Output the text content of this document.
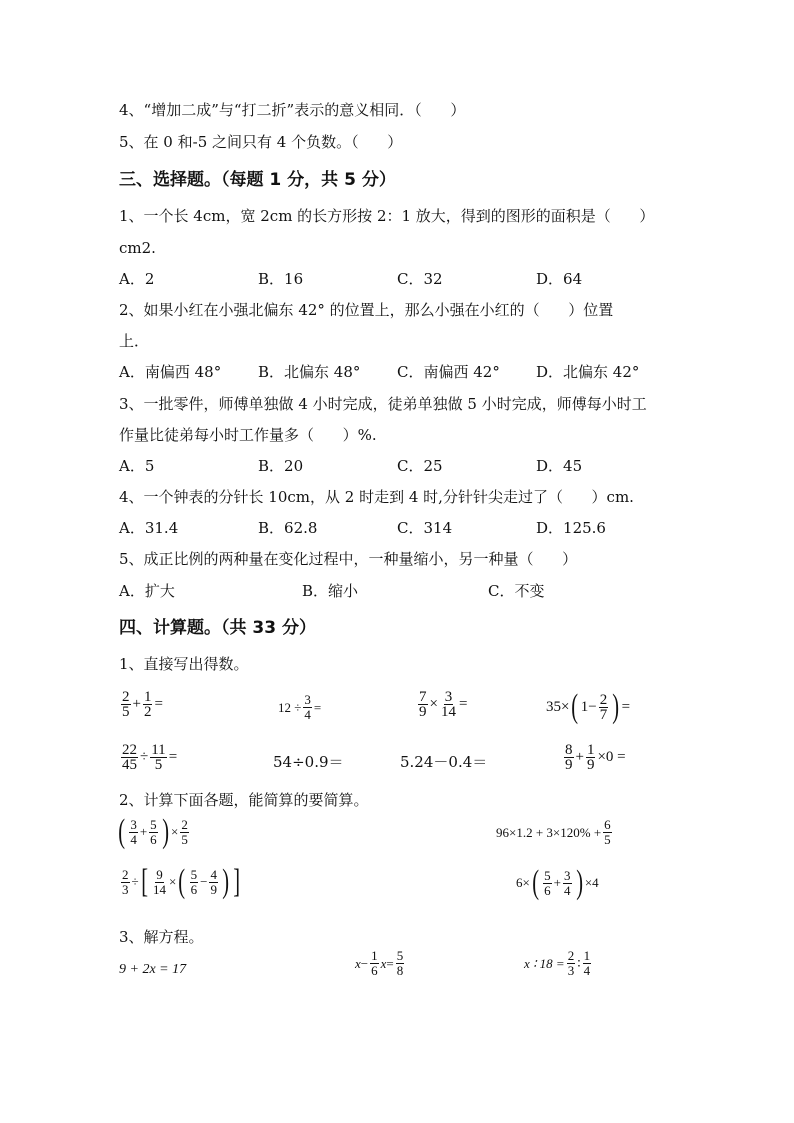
4、“增加二成”与“打二折”表示的意义相同．（      ）
5、在 0 和-5 之间只有 4 个负数。（      ）
三、选择题。（每题 1 分，共 5 分）
1、一个长 4cm，宽 2cm 的长方形按 2：1 放大，得到的图形的面积是（      ）
cm2.
A．2	B．16	C．32	D．64
2、如果小红在小强北偏东 42° 的位置上，那么小强在小红的（      ）位置
上．
A．南偏西 48° B．北偏东 48° C．南偏西 42° D．北偏东 42°
3、一批零件，师傅单独做 4 小时完成，徒弟单独做 5 小时完成，师傅每小时工
作量比徒弟每小时工作量多（      ）%.
A．5	B．20	C．25	D．45
4、一个钟表的分针长 10cm，从 2 时走到 4 时,分针针尖走过了（      ）cm.
A．31.4	B．62.8	C．314	D．125.6
5、成正比例的两种量在变化过程中，一种量缩小，另一种量（      ）
A．扩大	B．缩小	C．不变
四、计算题。（共 33 分）
1、直接写出得数。
$\frac{2}{5} + \frac{1}{2}$ =	$12 \div \frac{3}{4}$ =	$\frac{7}{9} \times \frac{3}{14}$ =	35× ( $1- \frac{2}{7}$ ) =
$\frac{22}{45} \div \frac{11}{5}$ =	54÷0.9＝	5.24－0.4＝	$\frac{8}{9} + \frac{1}{9} \times 0$ =
2、计算下面各题，能简算的要简算。
( $\frac{3}{4} + \frac{5}{6}$ ) × $\frac{2}{5}$	$96\times 1.2 + 3\times 120\% + \frac{6}{5}$
$\frac{2}{3}$ ÷ [ $\frac{9}{14}$ × ( $\frac{5}{6} - \frac{4}{9}$ ) ]	6× ( $\frac{5}{6} + \frac{3}{4}$ ) ×4
3、解方程。
9 + 2x = 17	$x - \frac{1}{6}$ $x = \frac{5}{8}$	x ∶ $18 = \frac{2}{3}$ ∶ $\frac{1}{4}$
